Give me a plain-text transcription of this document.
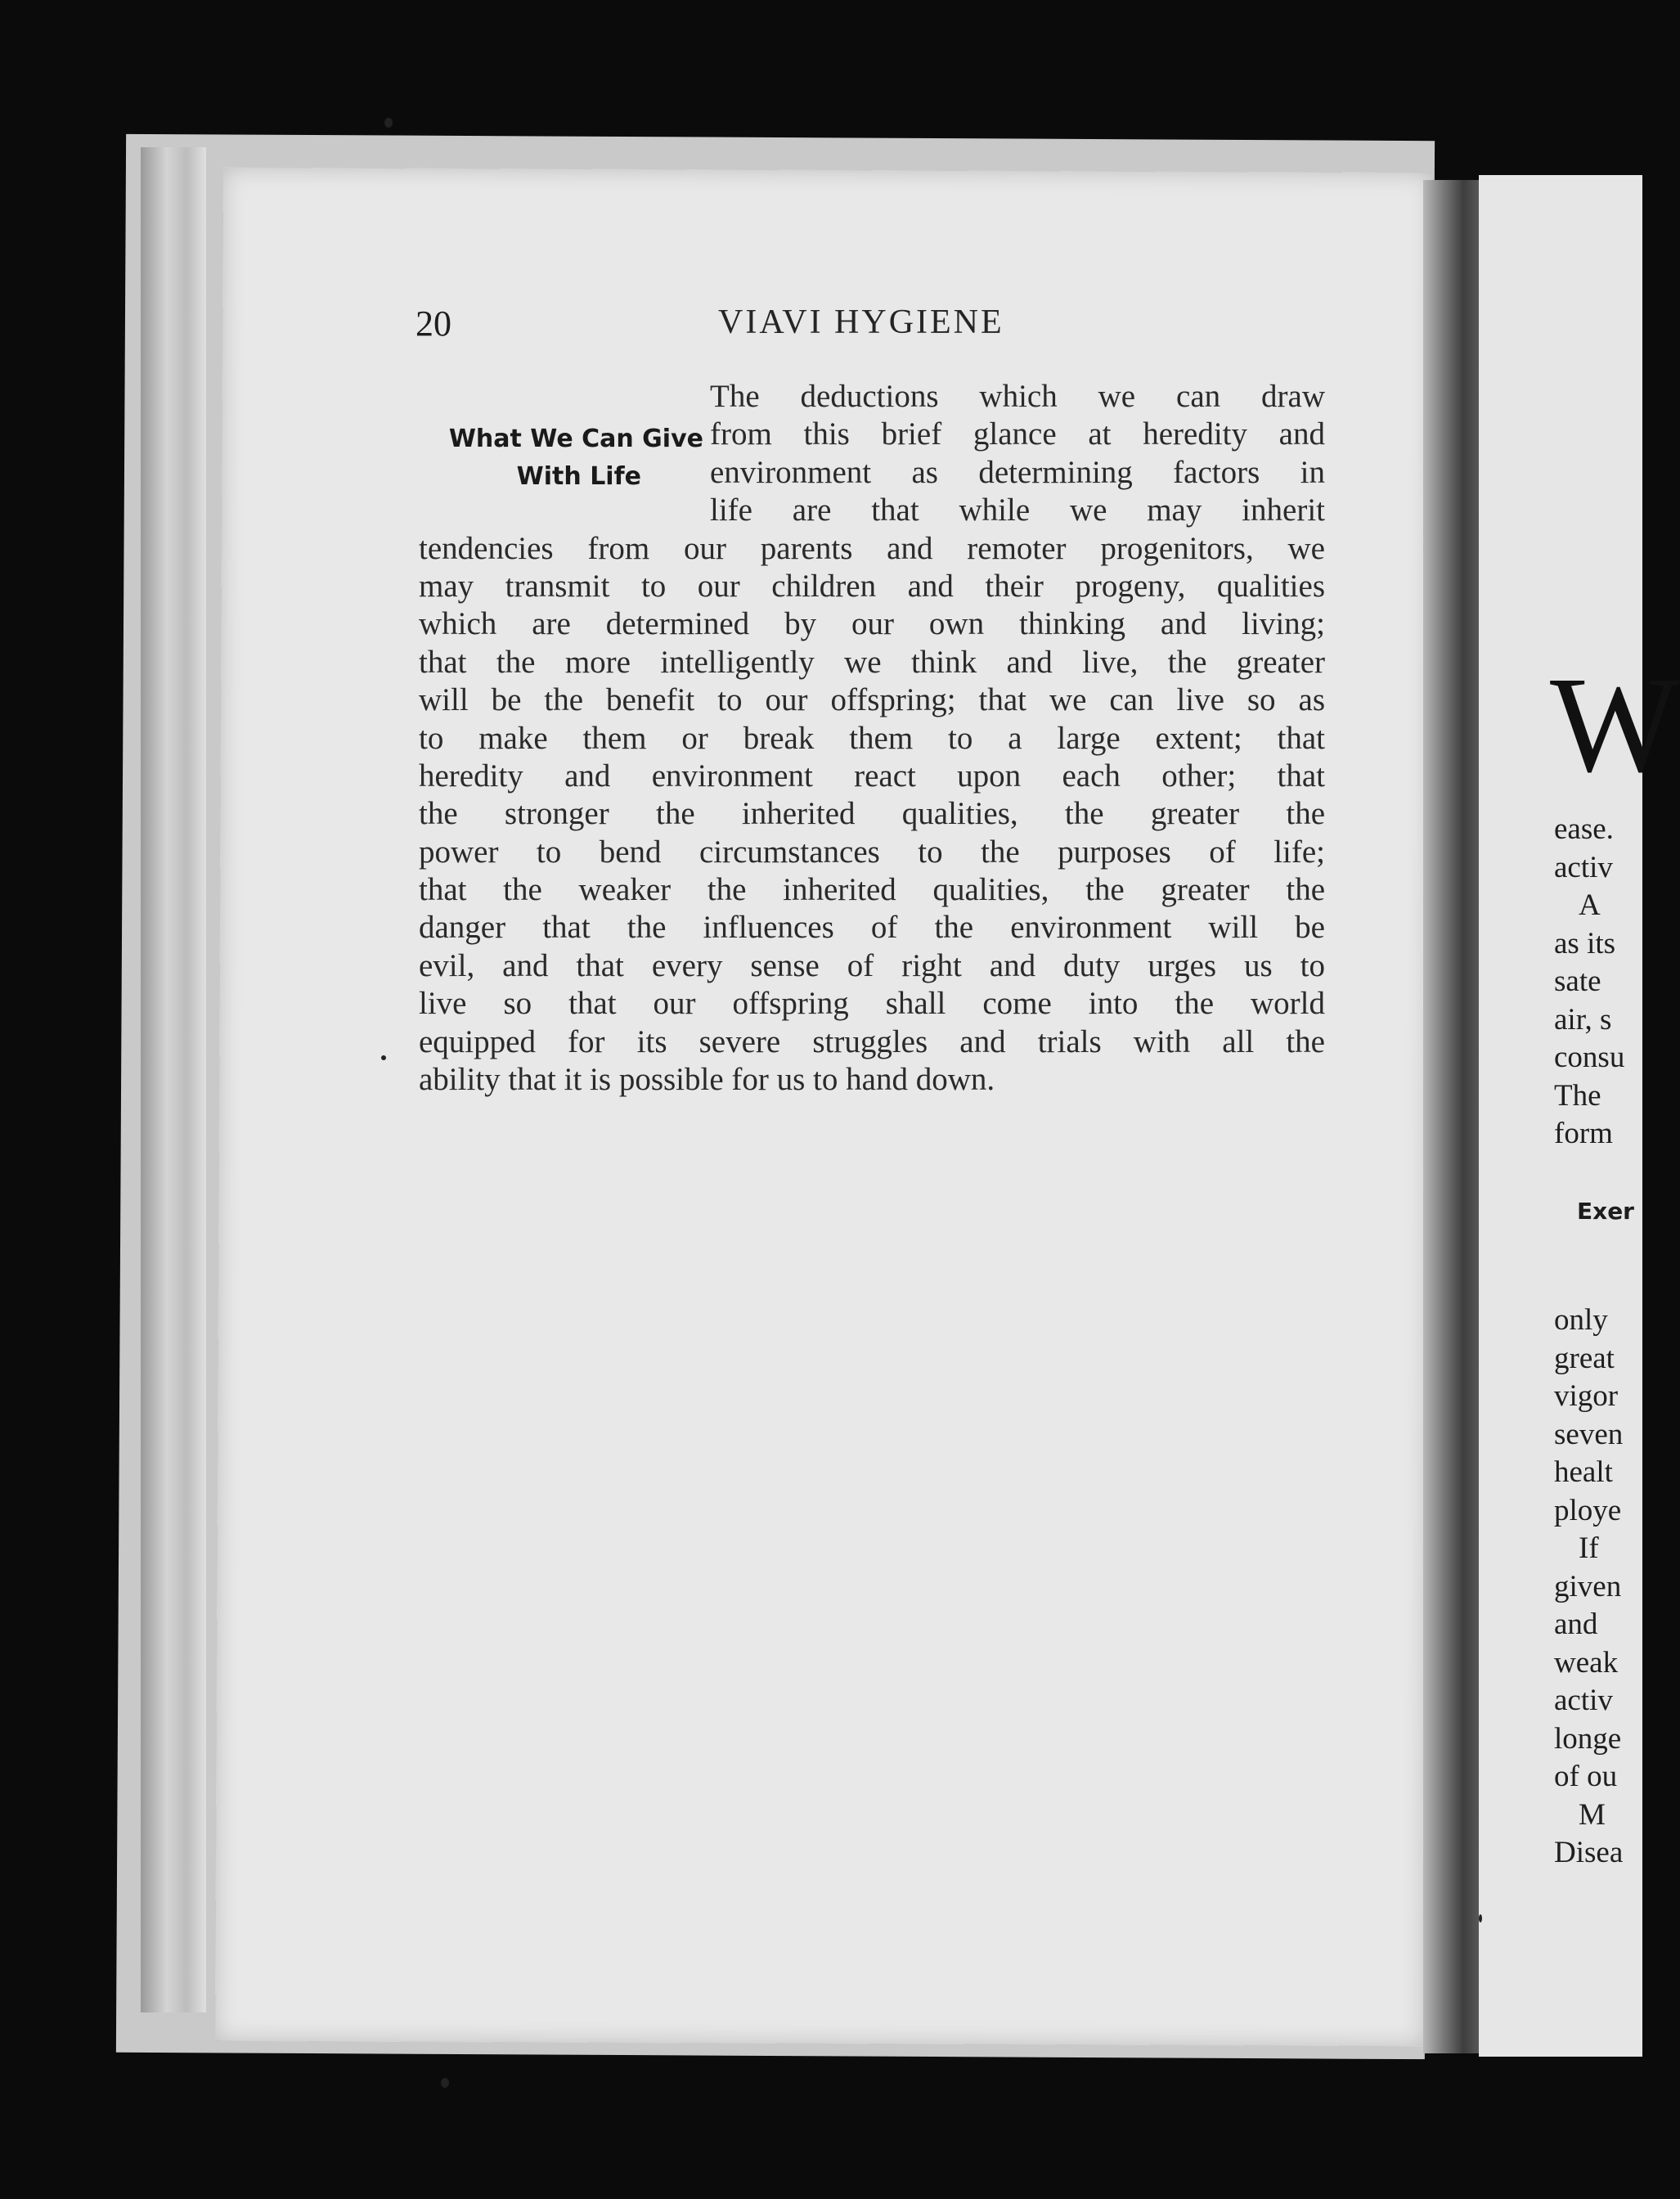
20	VIAVI HYGIENE
What We Can Give
With Life
The deductions which we can draw
from this brief glance at heredity and
environment as determining factors in
life are that while we may inherit
tendencies from our parents and remoter progenitors, we
may transmit to our children and their progeny, qualities
which are determined by our own thinking and living;
that the more intelligently we think and live, the greater
will be the benefit to our offspring; that we can live so as
to make them or break them to a large extent; that
heredity and environment react upon each other; that
the stronger the inherited qualities, the greater the
power to bend circumstances to the purposes of life;
that the weaker the inherited qualities, the greater the
danger that the influences of the environment will be
evil, and that every sense of right and duty urges us to
live so that our offspring shall come into the world
equipped for its severe struggles and trials with all the
ability that it is possible for us to hand down.
W
ease.
activ
A
as its
sate
air, s
consu
The
form
Exer
only
great
vigor
seven
healt
ploye
If
given
and
weak
activ
longe
of ou
M
Disea
